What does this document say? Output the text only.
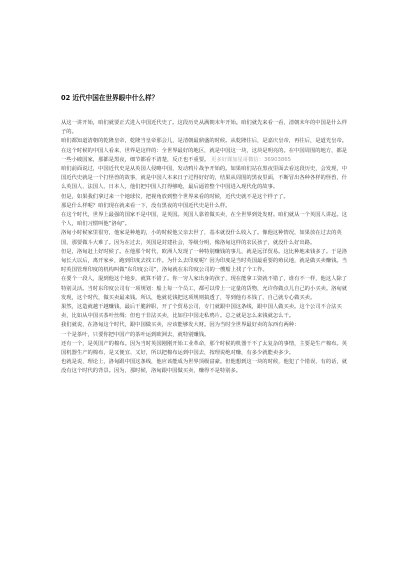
02 近代中国在世界眼中什么样？

从这一讲开始，咱们就要正式进入中国近代史了。这段历史从满朝末年开始。咱们就先来看一看，清朝末年的中国是什么样子的。

咱们都知道清朝的乾隆皇帝，乾隆当皇帝那会儿，是清朝最鼎盛的时候。从乾隆往后，是嘉庆皇帝，再往后，是道光皇帝。在这个时候的中国人看来，世界是这样的：全世界最好的地区，就是中国这一块，这块是明亮的。在中国周围的地方，都是一些小破国家，那都是黑夜，细节都看不清楚，反正也不重要。 更多好课加星哥微信：36903865

咱们前面说过，中国近代史是从英国人侵略中国，发动鸦片战争开始的。如果咱们站在黑夜里面去看这段历史，会发现，中国近代史就是一个打怪兽的故事，就是中国人本来日子过得好好的，结果从周围的黑夜里面，不断冒出各种各样的怪兽，什么英国人、法国人、日本人，他们把中国人打得够呛，最后逼着整个中国进入现代化的故事。

但是，如果我们拿过来一个地球仪，把视角放到整个世界来看的时候，近代史就不是这个样子了。

那是什么样呢？咱们现在就来看一下，没有黑夜的中国近代史是什么样。

在这个时代，世界上最强的国家不是中国，是英国。英国人靠着做买卖，在全世界到处发财。咱们就从一个英国人讲起。这个人，咱们习惯叫他“洛甸”。

洛甸小时候家里很穷，他家是种地的，小的时候他父亲去世了，基本就没什么收入了。像他这种情况，如果放在过去的英国，那要做斗大难了。因为在过去，英国是封建社会，等级分明，像洛甸这样的农民孩子，就没什么好出路。

但是，洛甸赶上好时候了。在他那个时代，欧洲人发现了一种特别赚钱的事儿，就是远洋贸易。这比种地来钱多了。于是洛甸长大以后，离开家乡，跑到印度去找工作。为什么去印度呢？因为印度是当时英国最重要的殖民地，就是做买卖赚钱。当时英国管理印度的机构叫做“东印度公司”，洛甸就在东印度公司的一艘船上找了个工作。

在要个一段人，混到他这个地步，就算不错了。你一穷人家出身的孩子，现在能拿工资就不错了，谁有不一样，他这人除了特别灵活。当时东印度公司有一项规划：船上每一个员工，都可以带上一定量的货物，允许你做点儿自己的小买卖。洛甸就发现，这个时代，做买卖最来钱。所以，他就花钱把这项规则搞透了，等到他有本钱了，自己就专心做买卖。

果然，这造就越干越赚钱，最后干脆辞职，开了个贸易公司，专门就跟中国这条线，跟中国人做买卖。这个公司不合法买卖，比如从中国买茶叶丝绸；但也干非法买卖，比如往中国走私鸦片。总之就是怎么来钱就怎么干。

我们就说，在洛甸这个时代，跟中国做买卖，应该能够发大财。因为当时全世界最好卖的东西有两种：

一个是茶叶，只要你把中国产的茶叶运到欧洲去，就特别赚钱。

还有一个，是英国产的棉布。因为当时英国刚刚开始工业革命，那个时候的机器干不了太复杂的事情，主要是生产棉布。英国机器生产的棉布，是又便宜、又好，所以把棉布运到中国去，按理说绝对赚，有多少就能卖多少。

也就是说，理论上，洛甸跟中国这条线，他应该能成为世界顶级富豪。但他想到这一块的时候，他犯了个错误，有的话，就没有这个时代的背景。因为，那时候，洛甸跟中国做买卖，赚得不是特别多。
